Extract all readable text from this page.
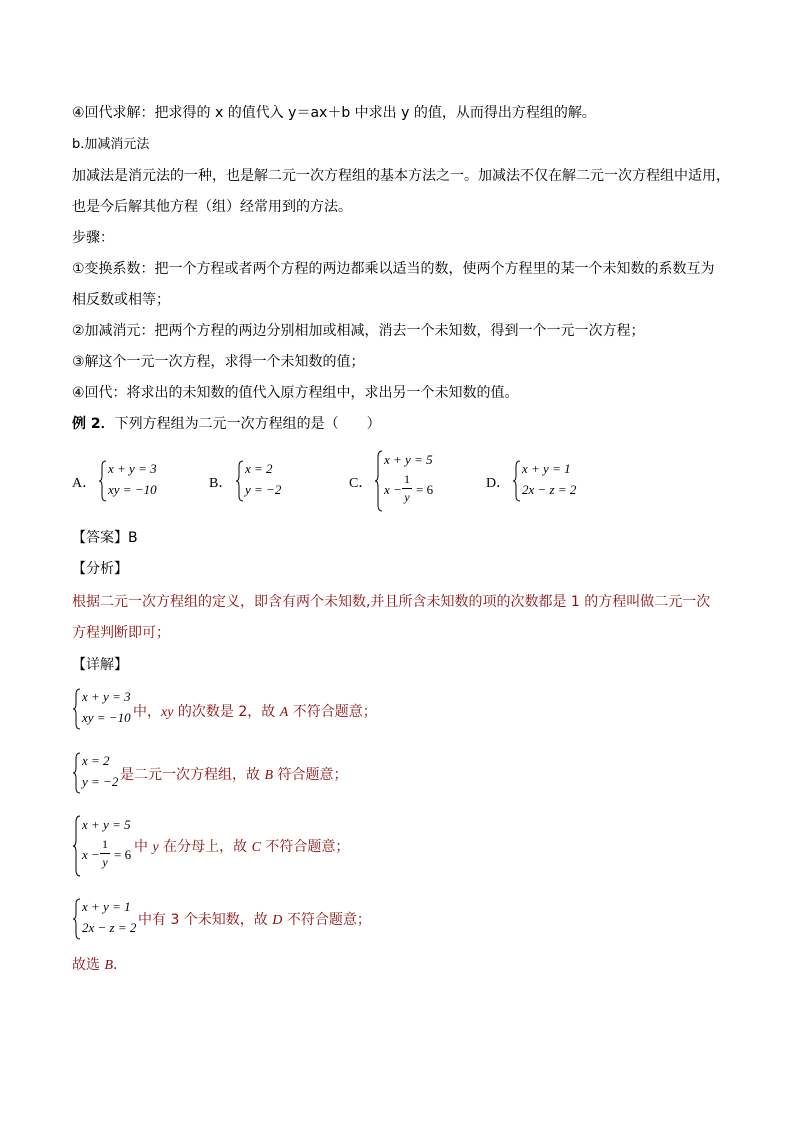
④回代求解：把求得的 x 的值代入 y＝ax＋b 中求出 y 的值，从而得出方程组的解。
b.加减消元法
加减法是消元法的一种，也是解二元一次方程组的基本方法之一。加减法不仅在解二元一次方程组中适用，
也是今后解其他方程（组）经常用到的方法。
步骤：
①变换系数：把一个方程或者两个方程的两边都乘以适当的数，使两个方程里的某一个未知数的系数互为
相反数或相等；
②加减消元：把两个方程的两边分别相加或相减，消去一个未知数，得到一个一元一次方程；
③解这个一元一次方程，求得一个未知数的值；
④回代：将求出的未知数的值代入原方程组中，求出另一个未知数的值。
例 2．下列方程组为二元一次方程组的是（　　）
A．
x + y = 3
xy = −10	B．
x = 2
y = −2	C．
x + y = 5
x −
1
y = 6	D．
x + y = 1
2x − z = 2
【答案】B
【分析】
根据二元一次方程组的定义，即含有两个未知数,并且所含未知数的项的次数都是 1 的方程叫做二元一次
方程判断即可；
【详解】
x + y = 3
xy = −10 中，xy 的次数是 2，故 A 不符合题意；
x = 2
y = −2 是二元一次方程组，故 B 符合题意；
x + y = 5
x −
1
y = 6 中 y 在分母上，故 C 不符合题意；
x + y = 1
2x − z = 2 中有 3 个未知数，故 D 不符合题意；
故选 B.
